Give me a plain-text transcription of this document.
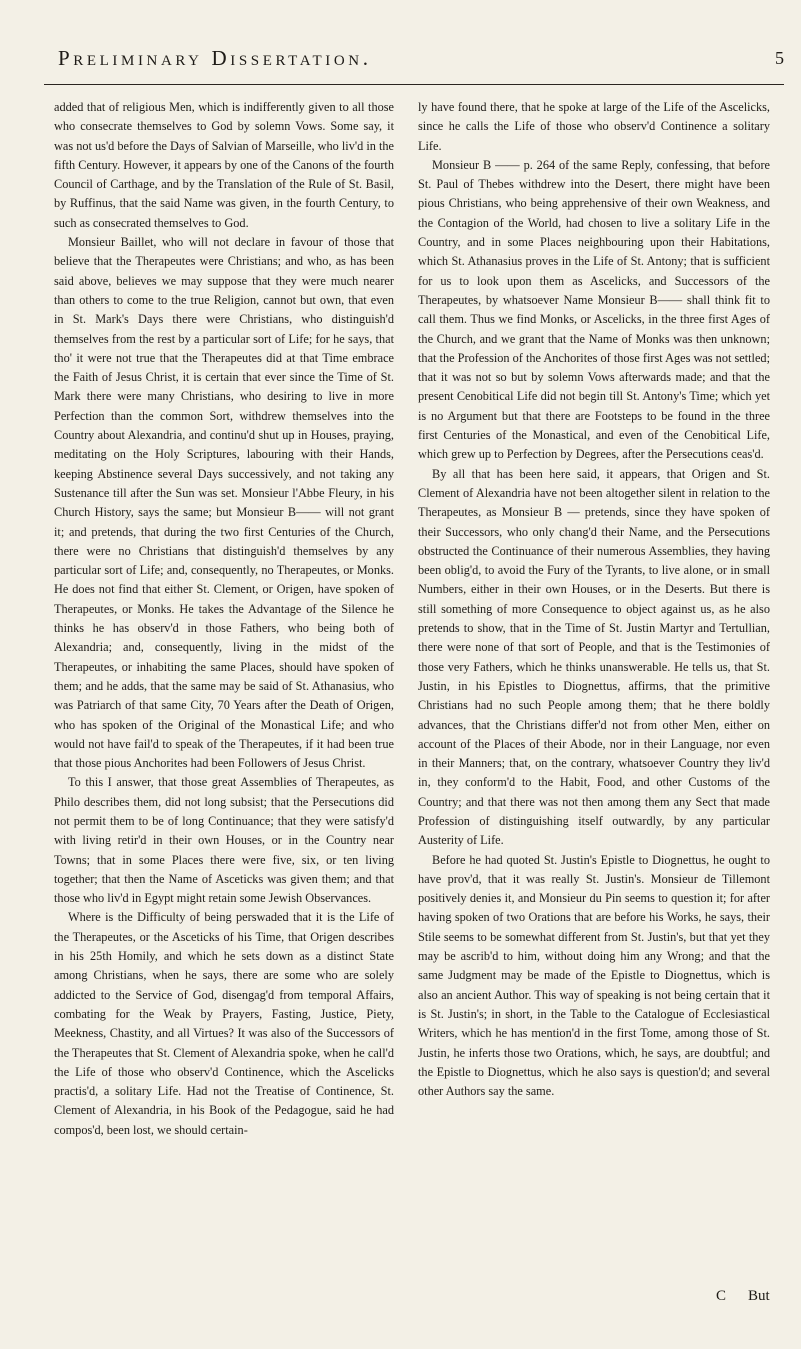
Preliminary Dissertation.	5

added that of religious Men, which is indifferently given to all those who consecrate themselves to God by solemn Vows. Some say, it was not us'd before the Days of Salvian of Marseille, who liv'd in the fifth Century. However, it appears by one of the Canons of the fourth Council of Carthage, and by the Translation of the Rule of St. Basil, by Ruffinus, that the said Name was given, in the fourth Century, to such as consecrated themselves to God.

Monsieur Baillet, who will not declare in favour of those that believe that the Therapeutes were Christians; and who, as has been said above, believes we may suppose that they were much nearer than others to come to the true Religion, cannot but own, that even in St. Mark's Days there were Christians, who distinguish'd themselves from the rest by a particular sort of Life; for he says, that tho' it were not true that the Therapeutes did at that Time embrace the Faith of Jesus Christ, it is certain that ever since the Time of St. Mark there were many Christians, who desiring to live in more Perfection than the common Sort, withdrew themselves into the Country about Alexandria, and continu'd shut up in Houses, praying, meditating on the Holy Scriptures, labouring with their Hands, keeping Abstinence several Days successively, and not taking any Sustenance till after the Sun was set. Monsieur l'Abbe Fleury, in his Church History, says the same; but Monsieur B—— will not grant it; and pretends, that during the two first Centuries of the Church, there were no Christians that distinguish'd themselves by any particular sort of Life; and, consequently, no Therapeutes, or Monks. He does not find that either St. Clement, or Origen, have spoken of Therapeutes, or Monks. He takes the Advantage of the Silence he thinks he has observ'd in those Fathers, who being both of Alexandria; and, consequently, living in the midst of the Therapeutes, or inhabiting the same Places, should have spoken of them; and he adds, that the same may be said of St. Athanasius, who was Patriarch of that same City, 70 Years after the Death of Origen, who has spoken of the Original of the Monastical Life; and who would not have fail'd to speak of the Therapeutes, if it had been true that those pious Anchorites had been Followers of Jesus Christ.

To this I answer, that those great Assemblies of Therapeutes, as Philo describes them, did not long subsist; that the Persecutions did not permit them to be of long Continuance; that they were satisfy'd with living retir'd in their own Houses, or in the Country near Towns; that in some Places there were five, six, or ten living together; that then the Name of Asceticks was given them; and that those who liv'd in Egypt might retain some Jewish Observances.

Where is the Difficulty of being perswaded that it is the Life of the Therapeutes, or the Asceticks of his Time, that Origen describes in his 25th Homily, and which he sets down as a distinct State among Christians, when he says, there are some who are solely addicted to the Service of God, disengag'd from temporal Affairs, combating for the Weak by Prayers, Fasting, Justice, Piety, Meekness, Chastity, and all Virtues? It was also of the Successors of the Therapeutes that St. Clement of Alexandria spoke, when he call'd the Life of those who observ'd Continence, which the Ascelicks practis'd, a solitary Life. Had not the Treatise of Continence, St. Clement of Alexandria, in his Book of the Pedagogue, said he had compos'd, been lost, we should certain-

ly have found there, that he spoke at large of the Life of the Ascelicks, since he calls the Life of those who observ'd Continence a solitary Life.

Monsieur B —— p. 264 of the same Reply, confessing, that before St. Paul of Thebes withdrew into the Desert, there might have been pious Christians, who being apprehensive of their own Weakness, and the Contagion of the World, had chosen to live a solitary Life in the Country, and in some Places neighbouring upon their Habitations, which St. Athanasius proves in the Life of St. Antony; that is sufficient for us to look upon them as Ascelicks, and Successors of the Therapeutes, by whatsoever Name Monsieur B—— shall think fit to call them. Thus we find Monks, or Ascelicks, in the three first Ages of the Church, and we grant that the Name of Monks was then unknown; that the Profession of the Anchorites of those first Ages was not settled; that it was not so but by solemn Vows afterwards made; and that the present Cenobitical Life did not begin till St. Antony's Time; which yet is no Argument but that there are Footsteps to be found in the three first Centuries of the Monastical, and even of the Cenobitical Life, which grew up to Perfection by Degrees, after the Persecutions ceas'd.

By all that has been here said, it appears, that Origen and St. Clement of Alexandria have not been altogether silent in relation to the Therapeutes, as Monsieur B — pretends, since they have spoken of their Successors, who only chang'd their Name, and the Persecutions obstructed the Continuance of their numerous Assemblies, they having been oblig'd, to avoid the Fury of the Tyrants, to live alone, or in small Numbers, either in their own Houses, or in the Deserts. But there is still something of more Consequence to object against us, as he also pretends to show, that in the Time of St. Justin Martyr and Tertullian, there were none of that sort of People, and that is the Testimonies of those very Fathers, which he thinks unanswerable. He tells us, that St. Justin, in his Epistles to Diognettus, affirms, that the primitive Christians had no such People among them; that he there boldly advances, that the Christians differ'd not from other Men, either on account of the Places of their Abode, nor in their Language, nor even in their Manners; that, on the contrary, whatsoever Country they liv'd in, they conform'd to the Habit, Food, and other Customs of the Country; and that there was not then among them any Sect that made Profession of distinguishing itself outwardly, by any particular Austerity of Life.

Before he had quoted St. Justin's Epistle to Diognettus, he ought to have prov'd, that it was really St. Justin's. Monsieur de Tillemont positively denies it, and Monsieur du Pin seems to question it; for after having spoken of two Orations that are before his Works, he says, their Stile seems to be somewhat different from St. Justin's, but that yet they may be ascrib'd to him, without doing him any Wrong; and that the same Judgment may be made of the Epistle to Diognettus, which is also an ancient Author. This way of speaking is not being certain that it is St. Justin's; in short, in the Table to the Catalogue of Ecclesiastical Writers, which he has mention'd in the first Tome, among those of St. Justin, he inferts those two Orations, which, he says, are doubtful; and the Epistle to Diognettus, which he also says is question'd; and several other Authors say the same.

C But
